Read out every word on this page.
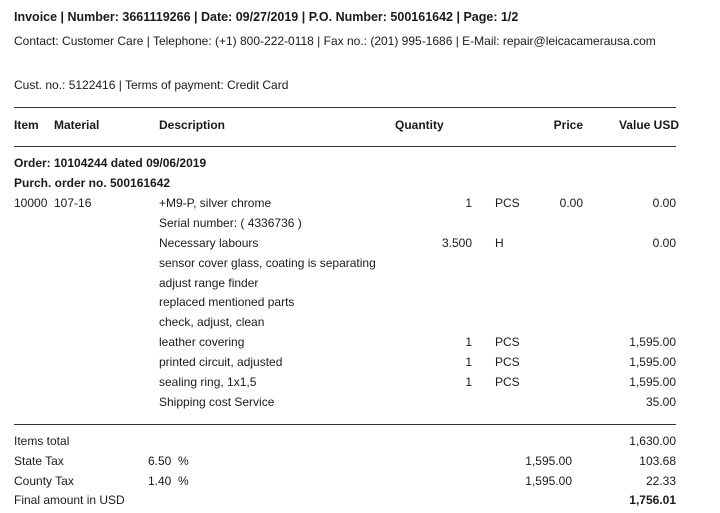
Invoice | Number: 3661119266 | Date: 09/27/2019 | P.O. Number: 500161642 | Page: 1/2
Contact: Customer Care | Telephone: (+1) 800-222-0118 | Fax no.: (201) 995-1686 | E-Mail: repair@leicacamerausa.com
Cust. no.: 5122416 | Terms of payment: Credit Card
Item Material	Description	Quantity	Price	Value USD
Order: 10104244 dated 09/06/2019
Purch. order no. 500161642
10000 107-16	+M9-P, silver chrome	1 PCS	0.00	0.00
Serial number: ( 4336736 )
Necessary labours	3.500 H	0.00
sensor cover glass, coating is separating
adjust range finder
replaced mentioned parts
check, adjust, clean
leather covering	1 PCS	1,595.00
printed circuit, adjusted	1 PCS	1,595.00
sealing ring, 1x1,5	1 PCS	1,595.00
Shipping cost Service	35.00
Items total	1,630.00
State Tax	6.50 %	1,595.00	103.68
County Tax	1.40 %	1,595.00	22.33
Final amount in USD	1,756.01
